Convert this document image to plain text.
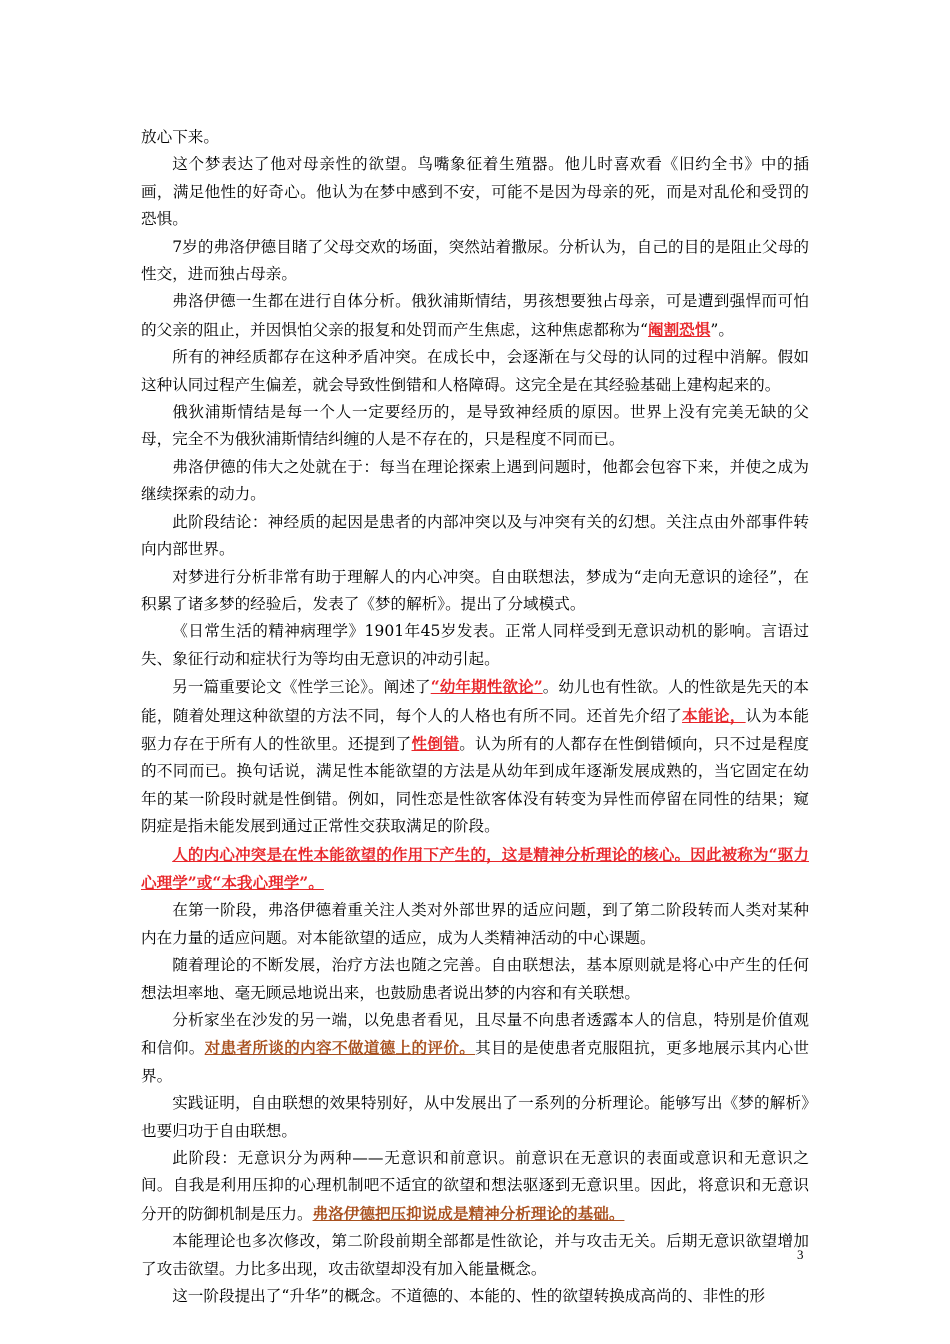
放心下来。

这个梦表达了他对母亲性的欲望。鸟嘴象征着生殖器。他儿时喜欢看《旧约全书》中的插画，满足他性的好奇心。他认为在梦中感到不安，可能不是因为母亲的死，而是对乱伦和受罚的恐惧。

7岁的弗洛伊德目睹了父母交欢的场面，突然站着撒尿。分析认为，自己的目的是阻止父母的性交，进而独占母亲。

弗洛伊德一生都在进行自体分析。俄狄浦斯情结，男孩想要独占母亲，可是遭到强悍而可怕的父亲的阻止，并因惧怕父亲的报复和处罚而产生焦虑，这种焦虑都称为“阉割恐惧”。

所有的神经质都存在这种矛盾冲突。在成长中，会逐渐在与父母的认同的过程中消解。假如这种认同过程产生偏差，就会导致性倒错和人格障碍。这完全是在其经验基础上建构起来的。

俄狄浦斯情结是每一个人一定要经历的，是导致神经质的原因。世界上没有完美无缺的父母，完全不为俄狄浦斯情结纠缠的人是不存在的，只是程度不同而已。

弗洛伊德的伟大之处就在于：每当在理论探索上遇到问题时，他都会包容下来，并使之成为继续探索的动力。

此阶段结论：神经质的起因是患者的内部冲突以及与冲突有关的幻想。关注点由外部事件转向内部世界。

对梦进行分析非常有助于理解人的内心冲突。自由联想法，梦成为“走向无意识的途径”，在积累了诸多梦的经验后，发表了《梦的解析》。提出了分域模式。

《日常生活的精神病理学》1901年45岁发表。正常人同样受到无意识动机的影响。言语过失、象征行动和症状行为等均由无意识的冲动引起。

另一篇重要论文《性学三论》。阐述了“幼年期性欲论”。幼儿也有性欲。人的性欲是先天的本能，随着处理这种欲望的方法不同，每个人的人格也有所不同。还首先介绍了本能论，认为本能驱力存在于所有人的性欲里。还提到了性倒错。认为所有的人都存在性倒错倾向，只不过是程度的不同而已。换句话说，满足性本能欲望的方法是从幼年到成年逐渐发展成熟的，当它固定在幼年的某一阶段时就是性倒错。例如，同性恋是性欲客体没有转变为异性而停留在同性的结果；窥阴症是指未能发展到通过正常性交获取满足的阶段。

人的内心冲突是在性本能欲望的作用下产生的，这是精神分析理论的核心。因此被称为“驱力心理学”或“本我心理学”。

在第一阶段，弗洛伊德着重关注人类对外部世界的适应问题，到了第二阶段转而人类对某种内在力量的适应问题。对本能欲望的适应，成为人类精神活动的中心课题。

随着理论的不断发展，治疗方法也随之完善。自由联想法，基本原则就是将心中产生的任何想法坦率地、毫无顾忌地说出来，也鼓励患者说出梦的内容和有关联想。

分析家坐在沙发的另一端，以免患者看见，且尽量不向患者透露本人的信息，特别是价值观和信仰。对患者所谈的内容不做道德上的评价。其目的是使患者克服阻抗，更多地展示其内心世界。

实践证明，自由联想的效果特别好，从中发展出了一系列的分析理论。能够写出《梦的解析》也要归功于自由联想。

此阶段：无意识分为两种——无意识和前意识。前意识在无意识的表面或意识和无意识之间。自我是利用压抑的心理机制吧不适宜的欲望和想法驱逐到无意识里。因此，将意识和无意识分开的防御机制是压力。弗洛伊德把压抑说成是精神分析理论的基础。

本能理论也多次修改，第二阶段前期全部都是性欲论，并与攻击无关。后期无意识欲望增加了攻击欲望。力比多出现，攻击欲望却没有加入能量概念。

这一阶段提出了“升华”的概念。不道德的、本能的、性的欲望转换成高尚的、非性的形

3
